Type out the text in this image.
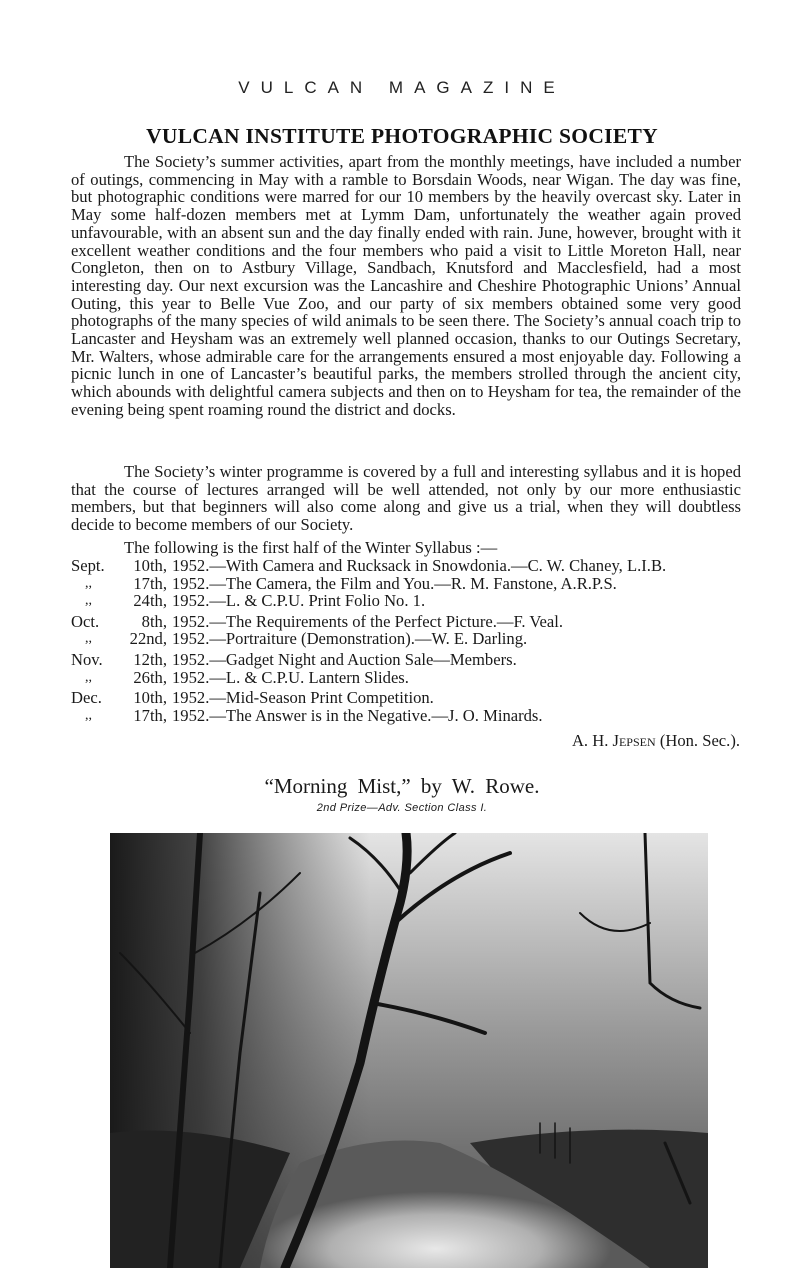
VULCAN MAGAZINE
VULCAN INSTITUTE PHOTOGRAPHIC SOCIETY

The Society’s summer activities, apart from the monthly meetings, have included a number of outings, commencing in May with a ramble to Borsdain Woods, near Wigan. The day was fine, but photographic conditions were marred for our 10 members by the heavily overcast sky. Later in May some half-dozen members met at Lymm Dam, unfortunately the weather again proved unfavourable, with an absent sun and the day finally ended with rain. June, however, brought with it excellent weather conditions and the four members who paid a visit to Little Moreton Hall, near Congleton, then on to Astbury Village, Sandbach, Knutsford and Macclesfield, had a most interesting day. Our next excursion was the Lancashire and Cheshire Photographic Unions’ Annual Outing, this year to Belle Vue Zoo, and our party of six members obtained some very good photographs of the many species of wild animals to be seen there. The Society’s annual coach trip to Lancaster and Heysham was an extremely well planned occasion, thanks to our Outings Secretary, Mr. Walters, whose admirable care for the arrangements ensured a most enjoyable day. Following a picnic lunch in one of Lancaster’s beautiful parks, the members strolled through the ancient city, which abounds with delightful camera subjects and then on to Heysham for tea, the remainder of the evening being spent roaming round the district and docks.

The Society’s winter programme is covered by a full and interesting syllabus and it is hoped that the course of lectures arranged will be well attended, not only by our more enthusiastic members, but that beginners will also come along and give us a trial, when they will doubtless decide to become members of our Society.

The following is the first half of the Winter Syllabus :—

Sept.	10th, 1952.—With Camera and Rucksack in Snowdonia.—C. W. Chaney, L.I.B.
,,	17th, 1952.—The Camera, the Film and You.—R. M. Fanstone, A.R.P.S.
,,	24th, 1952.—L. & C.P.U. Print Folio No. 1.
Oct.	8th, 1952.—The Requirements of the Perfect Picture.—F. Veal.
,,	22nd, 1952.—Portraiture (Demonstration).—W. E. Darling.
Nov.	12th, 1952.—Gadget Night and Auction Sale—Members.
,,	26th, 1952.—L. & C.P.U. Lantern Slides.
Dec.	10th, 1952.—Mid-Season Print Competition.
,,	17th, 1952.—The Answer is in the Negative.—J. O. Minards.
A. H. Jepsen (Hon. Sec.).
“Morning Mist,” by W. Rowe.
2nd Prize—Adv. Section Class I.
